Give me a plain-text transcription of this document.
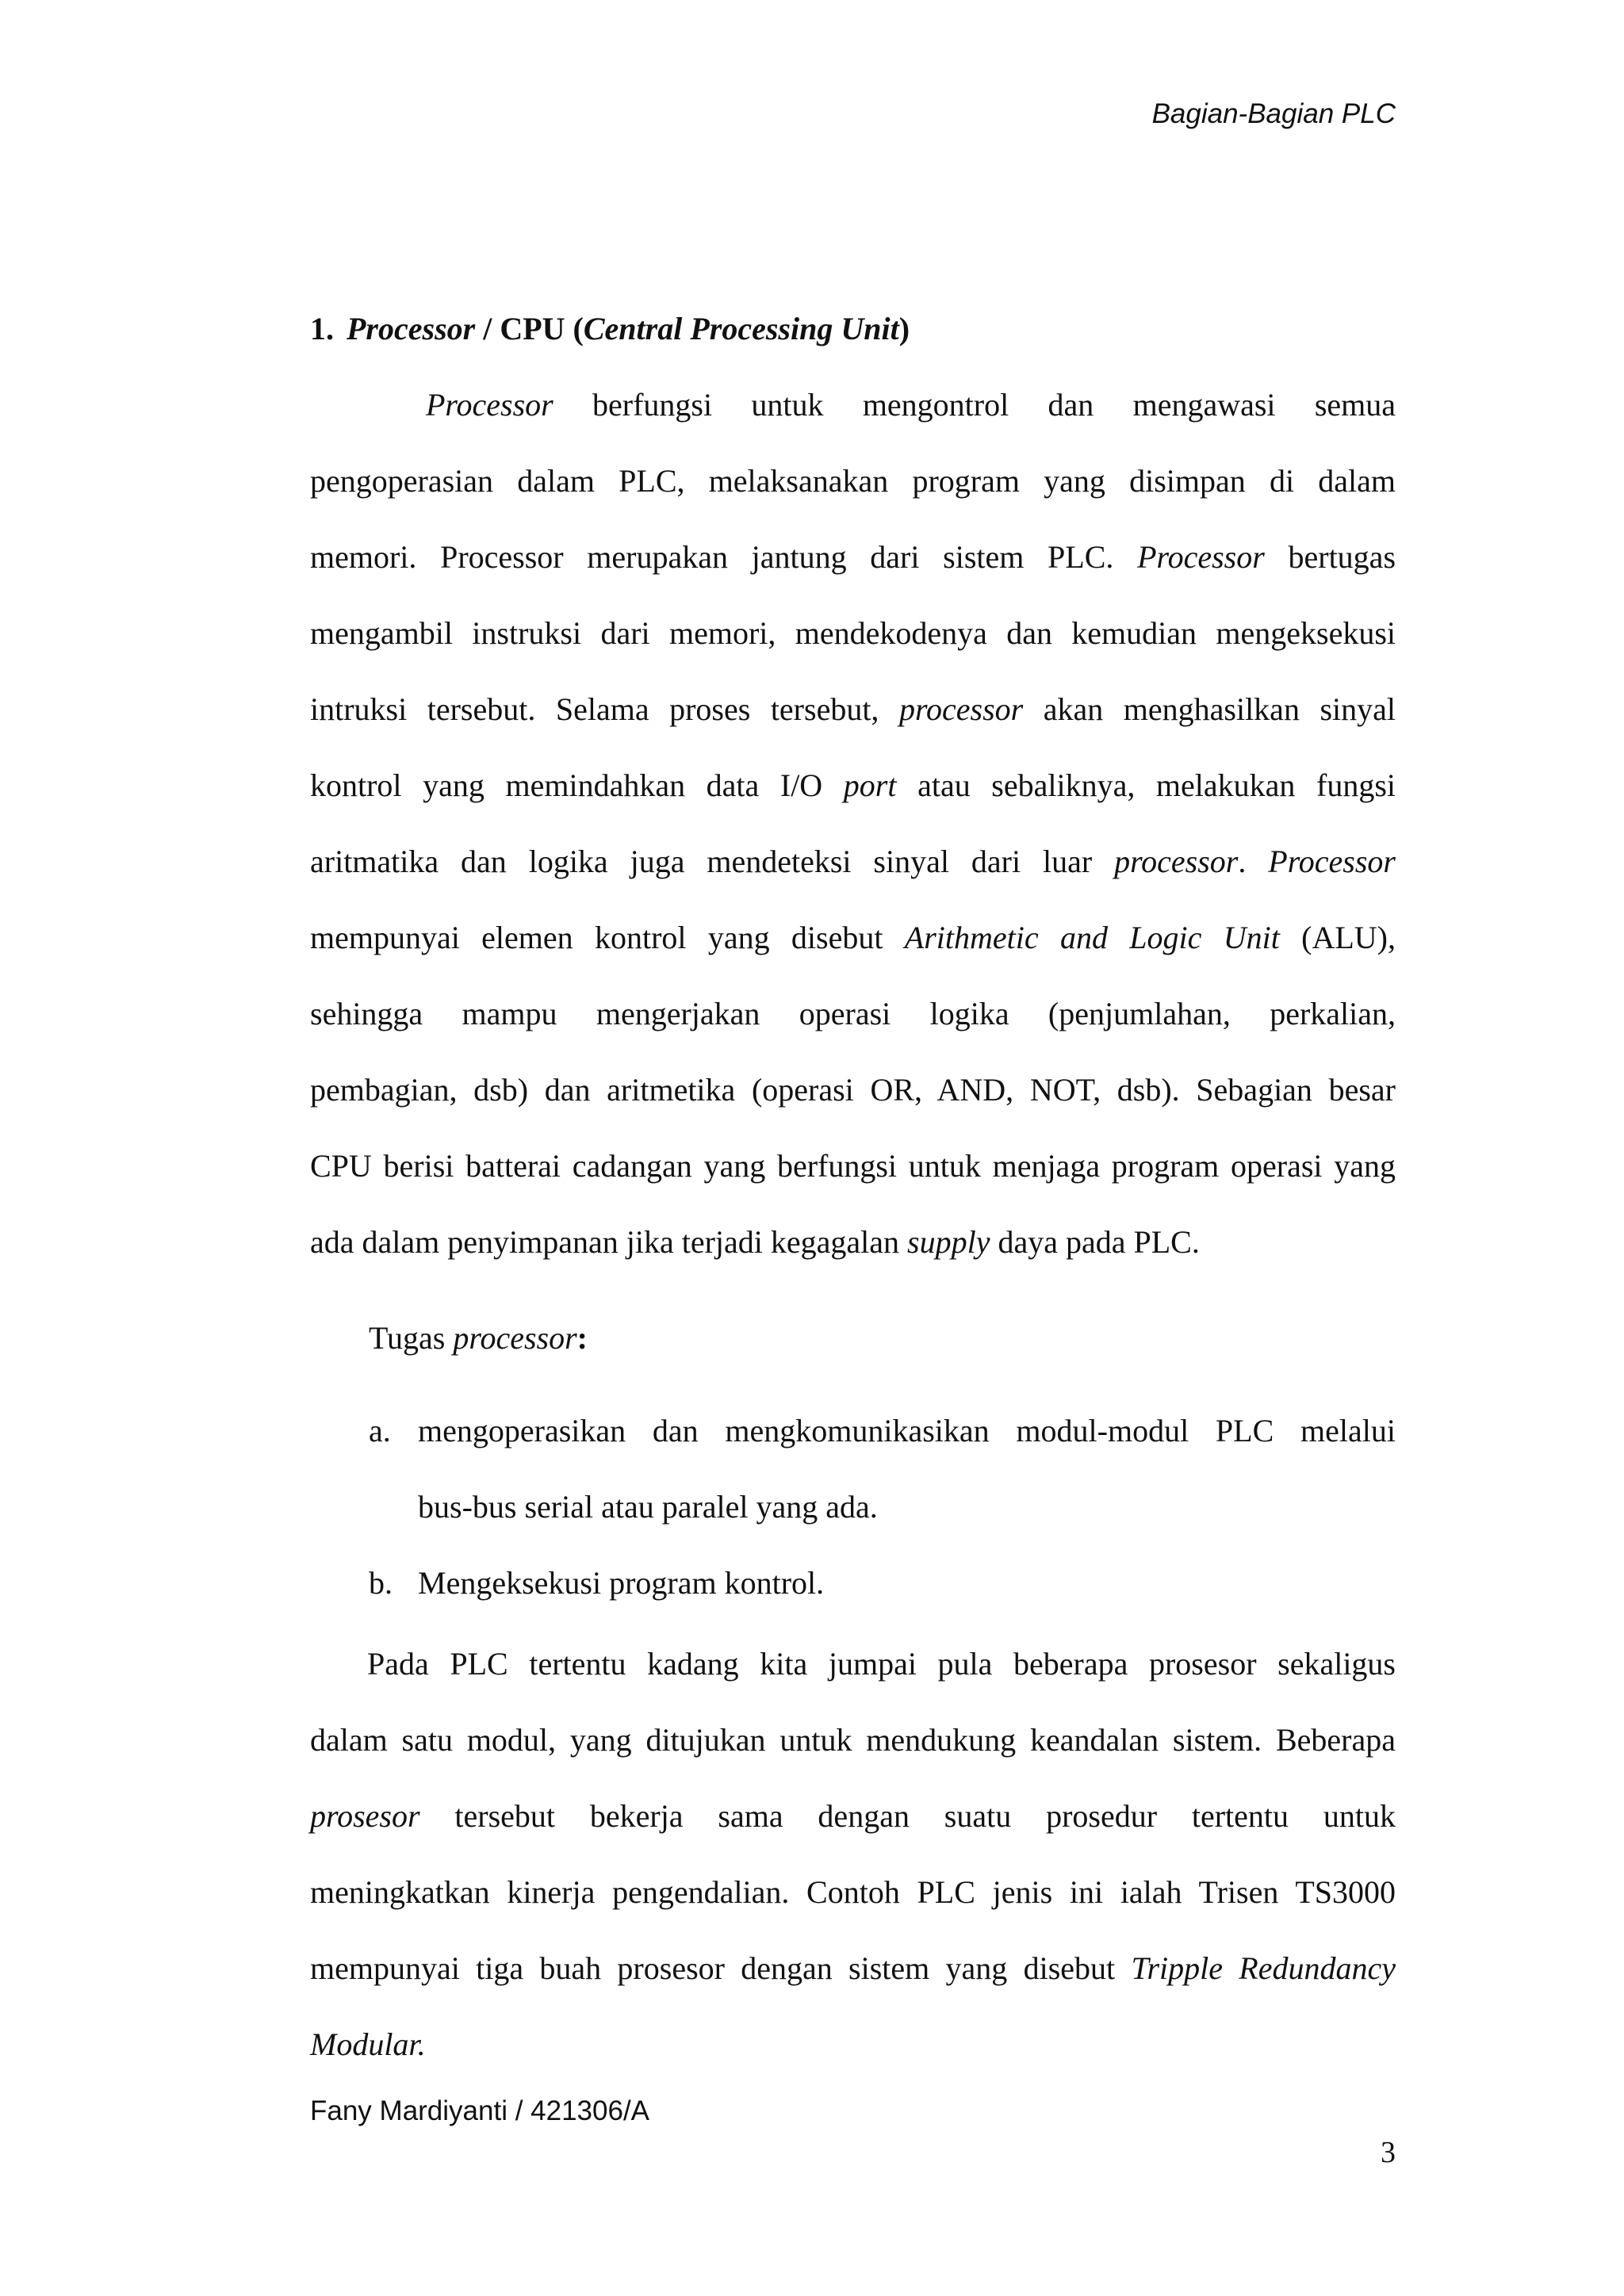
Bagian-Bagian PLC
1. Processor / CPU (Central Processing Unit)
Processor berfungsi untuk mengontrol dan mengawasi semua
pengoperasian dalam PLC, melaksanakan program yang disimpan di dalam
memori. Processor merupakan jantung dari sistem PLC. Processor bertugas
mengambil instruksi dari memori, mendekodenya dan kemudian mengeksekusi
intruksi tersebut. Selama proses tersebut, processor akan menghasilkan sinyal
kontrol yang memindahkan data I/O port atau sebaliknya, melakukan fungsi
aritmatika dan logika juga mendeteksi sinyal dari luar processor. Processor
mempunyai elemen kontrol yang disebut Arithmetic and Logic Unit (ALU),
sehingga mampu mengerjakan operasi logika (penjumlahan, perkalian,
pembagian, dsb) dan aritmetika (operasi OR, AND, NOT, dsb). Sebagian besar
CPU berisi batterai cadangan yang berfungsi untuk menjaga program operasi yang
ada dalam penyimpanan jika terjadi kegagalan supply daya pada PLC.
Tugas processor:
a. mengoperasikan dan mengkomunikasikan modul-modul PLC melalui
bus-bus serial atau paralel yang ada.
b. Mengeksekusi program kontrol.
Pada PLC tertentu kadang kita jumpai pula beberapa prosesor sekaligus
dalam satu modul, yang ditujukan untuk mendukung keandalan sistem. Beberapa
prosesor tersebut bekerja sama dengan suatu prosedur tertentu untuk
meningkatkan kinerja pengendalian. Contoh PLC jenis ini ialah Trisen TS3000
mempunyai tiga buah prosesor dengan sistem yang disebut Tripple Redundancy
Modular.
Fany Mardiyanti / 421306/A
3
